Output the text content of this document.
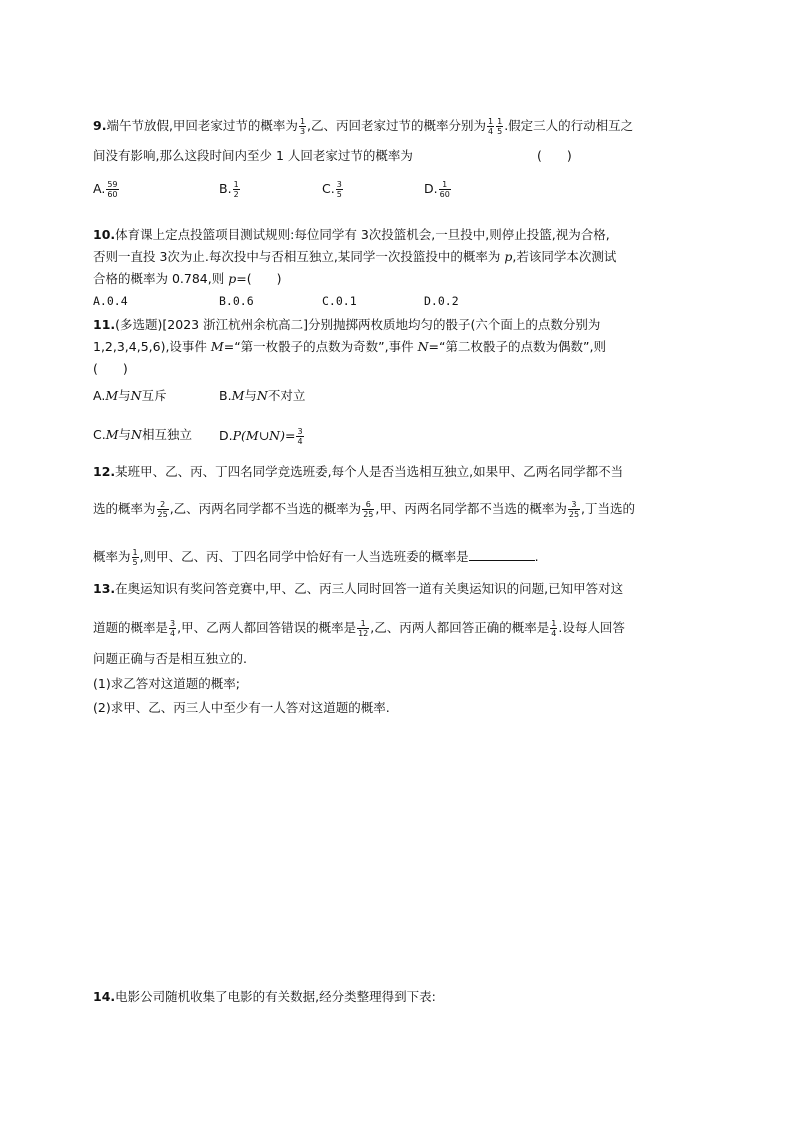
9.端午节放假,甲回老家过节的概率为 $\frac{1}{3}$ ,乙、丙回老家过节的概率分别为 $\frac{1}{4} \frac{1}{5}$ .假定三人的行动相互之
间没有影响,那么这段时间内至少 1 人回老家过节的概率为	(　　)
A. $\frac{59}{60}$	B. $\frac{1}{2}$	C. $\frac{3}{5}$	D. $\frac{1}{60}$
10.体育课上定点投篮项目测试规则:每位同学有 3次投篮机会,一旦投中,则停止投篮,视为合格,
否则一直投 3次为止.每次投中与否相互独立,某同学一次投篮投中的概率为 p,若该同学本次测试
合格的概率为 0.784,则 p=(　　)
A.0.4	B.0.6	C.0.1	D.0.2
11.(多选题)[2023 浙江杭州余杭高二]分别抛掷两枚质地均匀的骰子(六个面上的点数分别为
1,2,3,4,5,6),设事件 M=“第一枚骰子的点数为奇数”,事件 N=“第二枚骰子的点数为偶数”,则
(　　)
A.M与N互斥	B.M与N不对立
C.M与N相互独立 D.P(M∪N)= $\frac{3}{4}$
12.某班甲、乙、丙、丁四名同学竞选班委,每个人是否当选相互独立,如果甲、乙两名同学都不当
选的概率为 $\frac{2}{25}$ ,乙、丙两名同学都不当选的概率为 $\frac{6}{25}$ ,甲、丙两名同学都不当选的概率为 $\frac{3}{25}$ ,丁当选的
概率为 $\frac{1}{5}$ ,则甲、乙、丙、丁四名同学中恰好有一人当选班委的概率是	.
13.在奥运知识有奖问答竞赛中,甲、乙、丙三人同时回答一道有关奥运知识的问题,已知甲答对这
道题的概率是 $\frac{3}{4}$ ,甲、乙两人都回答错误的概率是 $\frac{1}{12}$ ,乙、丙两人都回答正确的概率是 $\frac{1}{4}$ .设每人回答
问题正确与否是相互独立的.
(1)求乙答对这道题的概率;
(2)求甲、乙、丙三人中至少有一人答对这道题的概率.
14.电影公司随机收集了电影的有关数据,经分类整理得到下表:
